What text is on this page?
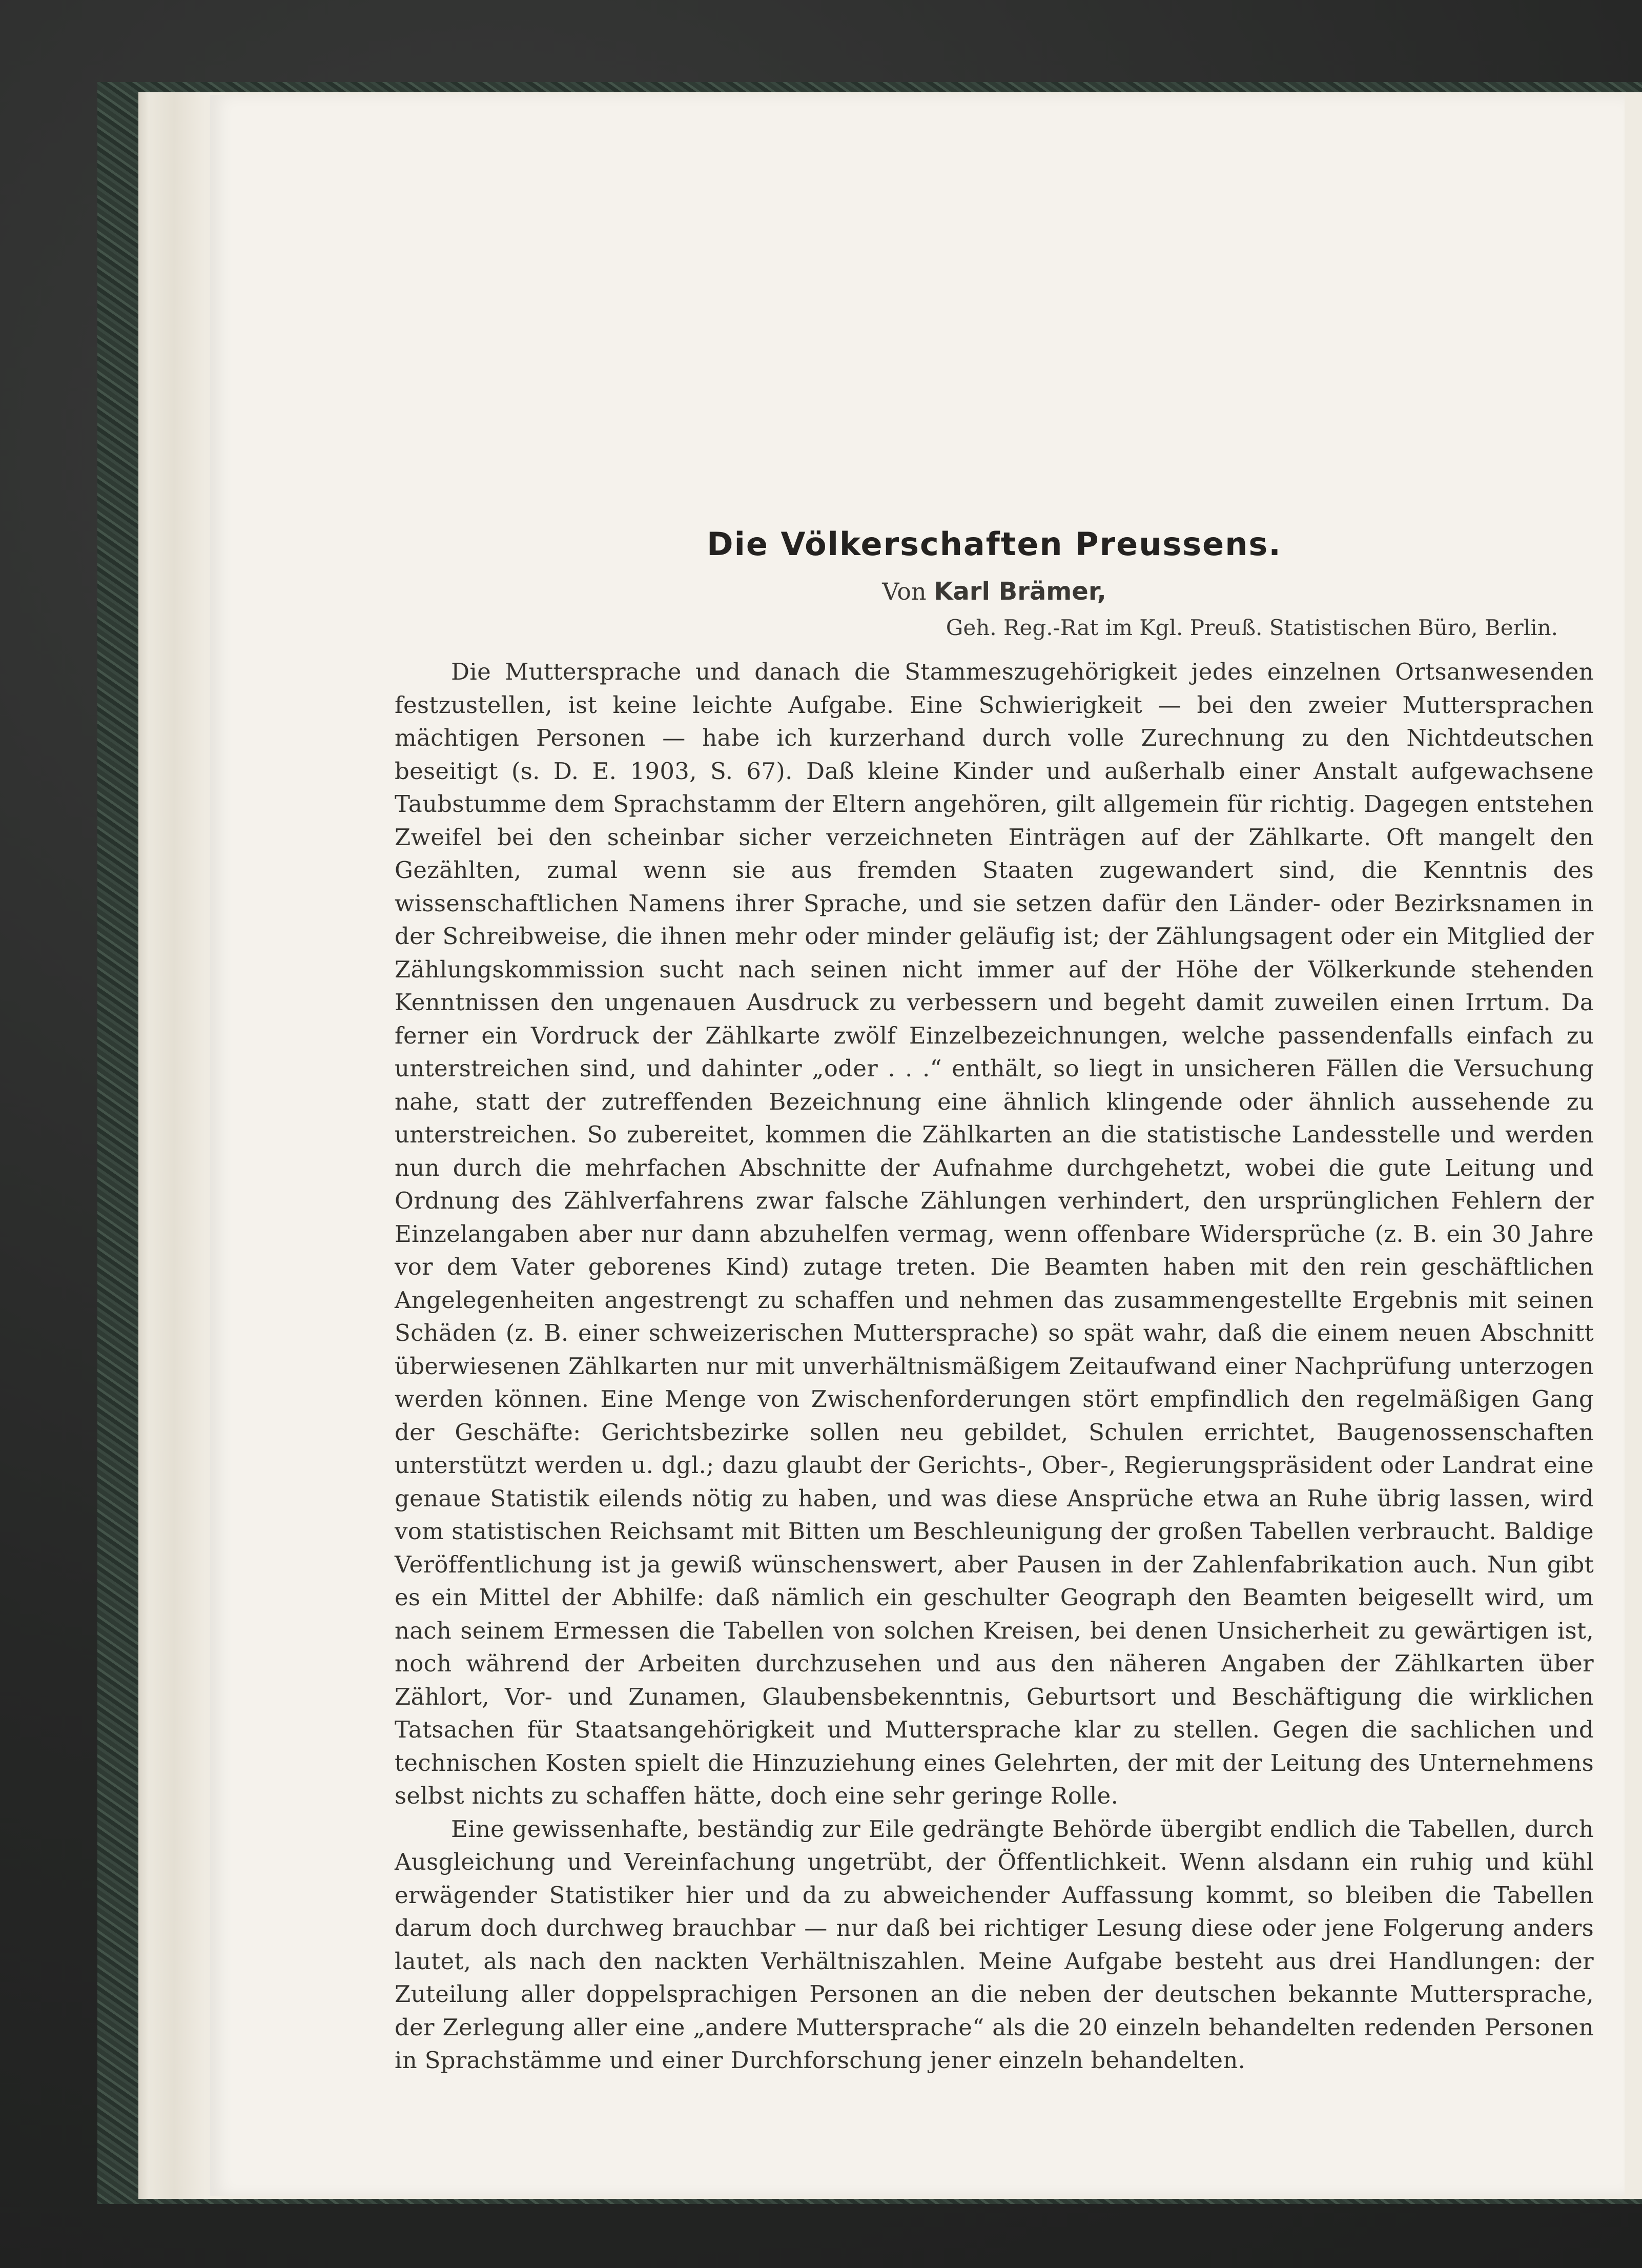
Die Völkerschaften Preussens.
Von Karl Brämer,
Geh. Reg.-Rat im Kgl. Preuß. Statistischen Büro, Berlin.

Die Muttersprache und danach die Stammeszugehörigkeit jedes einzelnen Ortsanwesenden festzustellen, ist keine leichte Aufgabe. Eine Schwierigkeit — bei den zweier Muttersprachen mächtigen Personen — habe ich kurzerhand durch volle Zurechnung zu den Nichtdeutschen beseitigt (s. D. E. 1903, S. 67). Daß kleine Kinder und außerhalb einer Anstalt aufgewachsene Taubstumme dem Sprachstamm der Eltern angehören, gilt allgemein für richtig. Dagegen entstehen Zweifel bei den scheinbar sicher verzeichneten Einträgen auf der Zählkarte. Oft mangelt den Gezählten, zumal wenn sie aus fremden Staaten zugewandert sind, die Kenntnis des wissenschaftlichen Namens ihrer Sprache, und sie setzen dafür den Länder- oder Bezirksnamen in der Schreibweise, die ihnen mehr oder minder geläufig ist; der Zählungsagent oder ein Mitglied der Zählungskommission sucht nach seinen nicht immer auf der Höhe der Völkerkunde stehenden Kenntnissen den ungenauen Ausdruck zu verbessern und begeht damit zuweilen einen Irrtum. Da ferner ein Vordruck der Zählkarte zwölf Einzelbezeichnungen, welche passendenfalls einfach zu unterstreichen sind, und dahinter „oder . . .“ enthält, so liegt in unsicheren Fällen die Versuchung nahe, statt der zutreffenden Bezeichnung eine ähnlich klingende oder ähnlich aussehende zu unterstreichen. So zubereitet, kommen die Zählkarten an die statistische Landesstelle und werden nun durch die mehrfachen Abschnitte der Aufnahme durchgehetzt, wobei die gute Leitung und Ordnung des Zählverfahrens zwar falsche Zählungen verhindert, den ursprünglichen Fehlern der Einzelangaben aber nur dann abzuhelfen vermag, wenn offenbare Widersprüche (z. B. ein 30 Jahre vor dem Vater geborenes Kind) zutage treten. Die Beamten haben mit den rein geschäftlichen Angelegenheiten angestrengt zu schaffen und nehmen das zusammengestellte Ergebnis mit seinen Schäden (z. B. einer schweizerischen Muttersprache) so spät wahr, daß die einem neuen Abschnitt überwiesenen Zählkarten nur mit unverhältnismäßigem Zeitaufwand einer Nachprüfung unterzogen werden können. Eine Menge von Zwischenforderungen stört empfindlich den regelmäßigen Gang der Geschäfte: Gerichtsbezirke sollen neu gebildet, Schulen errichtet, Baugenossenschaften unterstützt werden u. dgl.; dazu glaubt der Gerichts-, Ober-, Regierungspräsident oder Landrat eine genaue Statistik eilends nötig zu haben, und was diese Ansprüche etwa an Ruhe übrig lassen, wird vom statistischen Reichsamt mit Bitten um Beschleunigung der großen Tabellen verbraucht. Baldige Veröffentlichung ist ja gewiß wünschenswert, aber Pausen in der Zahlenfabrikation auch. Nun gibt es ein Mittel der Abhilfe: daß nämlich ein geschulter Geograph den Beamten beigesellt wird, um nach seinem Ermessen die Tabellen von solchen Kreisen, bei denen Unsicherheit zu gewärtigen ist, noch während der Arbeiten durchzusehen und aus den näheren Angaben der Zählkarten über Zählort, Vor- und Zunamen, Glaubensbekenntnis, Geburtsort und Beschäftigung die wirklichen Tatsachen für Staatsangehörigkeit und Muttersprache klar zu stellen. Gegen die sachlichen und technischen Kosten spielt die Hinzuziehung eines Gelehrten, der mit der Leitung des Unternehmens selbst nichts zu schaffen hätte, doch eine sehr geringe Rolle.

Eine gewissenhafte, beständig zur Eile gedrängte Behörde übergibt endlich die Tabellen, durch Ausgleichung und Vereinfachung ungetrübt, der Öffentlichkeit. Wenn alsdann ein ruhig und kühl erwägender Statistiker hier und da zu abweichender Auffassung kommt, so bleiben die Tabellen darum doch durchweg brauchbar — nur daß bei richtiger Lesung diese oder jene Folgerung anders lautet, als nach den nackten Verhältniszahlen. Meine Aufgabe besteht aus drei Handlungen: der Zuteilung aller doppelsprachigen Personen an die neben der deutschen bekannte Muttersprache, der Zerlegung aller eine „andere Muttersprache“ als die 20 einzeln behandelten redenden Personen in Sprachstämme und einer Durchforschung jener einzeln behandelten.
